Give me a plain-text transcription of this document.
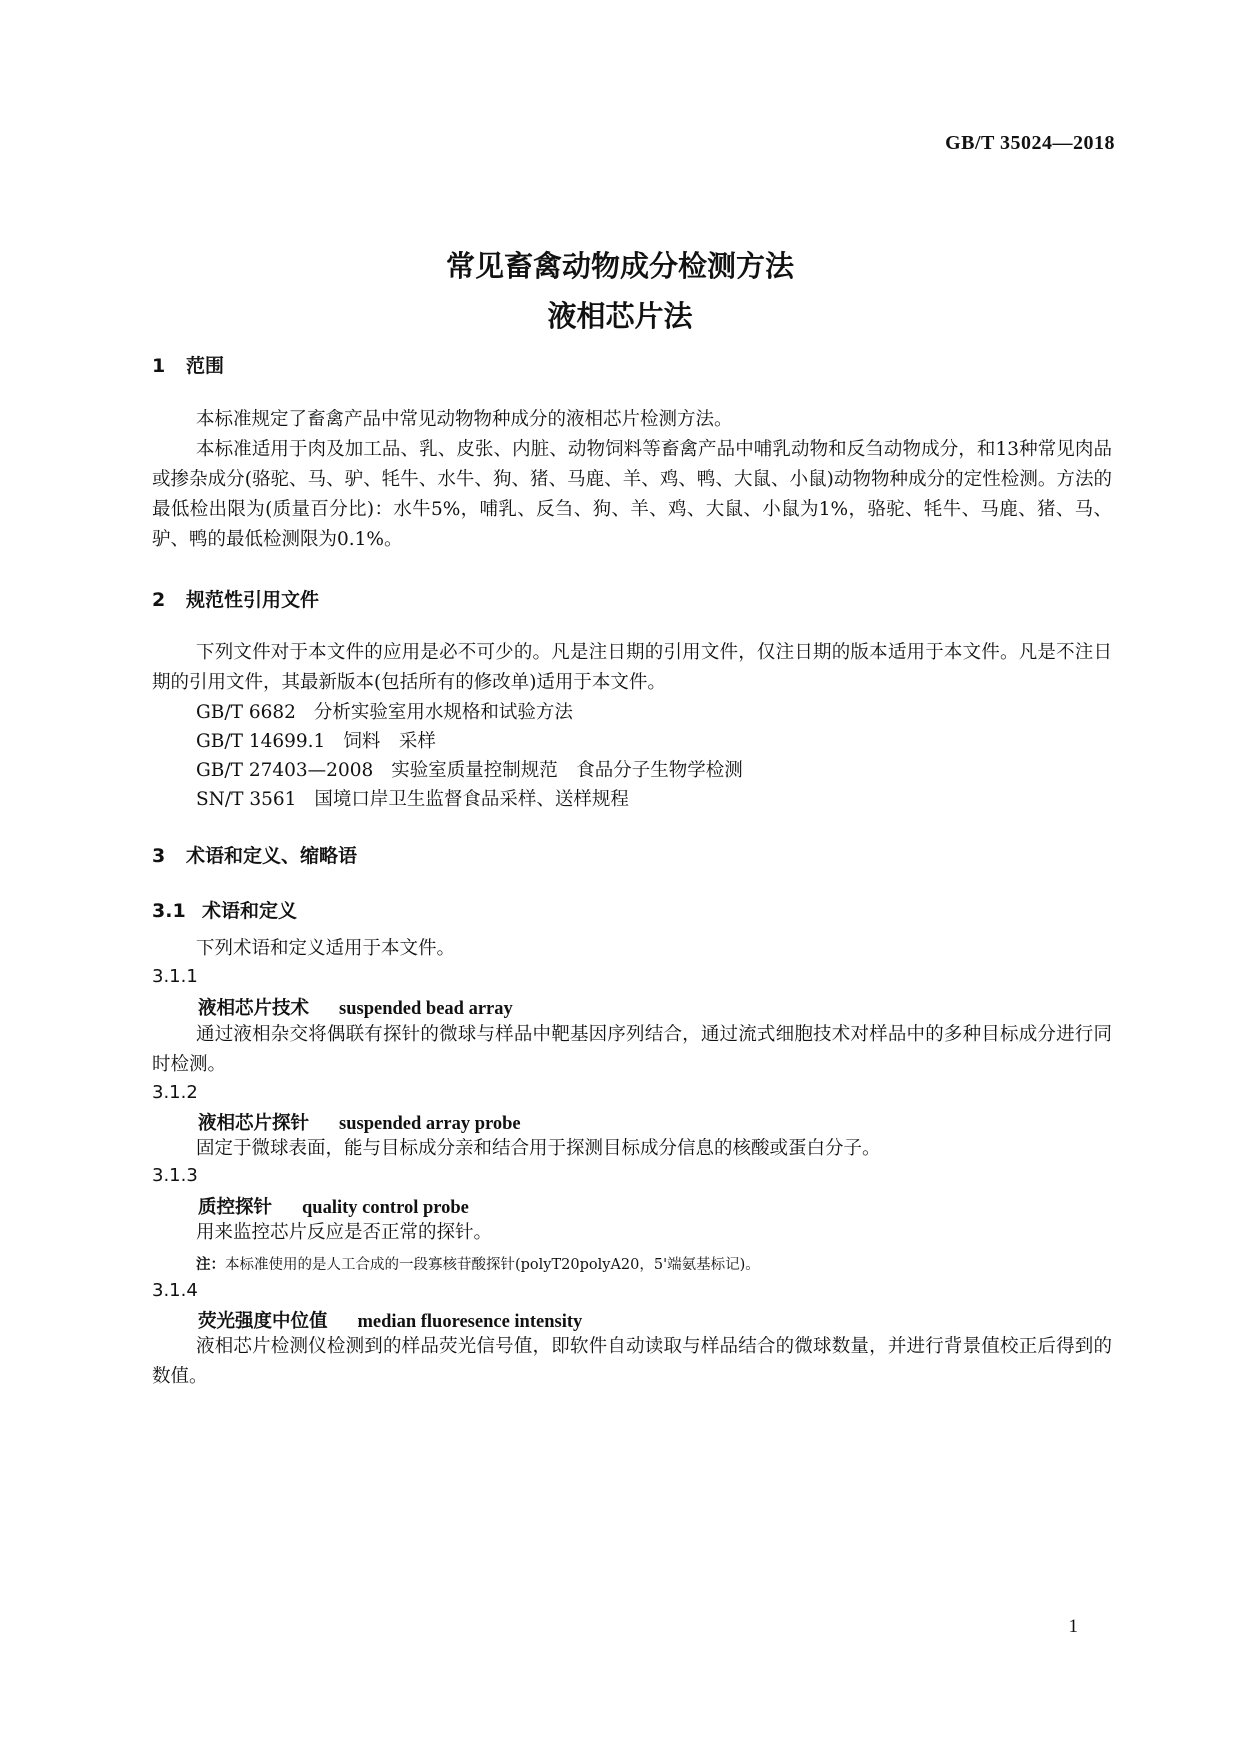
GB/T 35024—2018
常见畜禽动物成分检测方法
液相芯片法
1 范围
本标准规定了畜禽产品中常见动物物种成分的液相芯片检测方法。
本标准适用于肉及加工品、乳、皮张、内脏、动物饲料等畜禽产品中哺乳动物和反刍动物成分，和13种常见肉品或掺杂成分(骆驼、马、驴、牦牛、水牛、狗、猪、马鹿、羊、鸡、鸭、大鼠、小鼠)动物物种成分的定性检测。方法的最低检出限为(质量百分比)：水牛5%，哺乳、反刍、狗、羊、鸡、大鼠、小鼠为1%，骆驼、牦牛、马鹿、猪、马、驴、鸭的最低检测限为0.1%。
2 规范性引用文件
下列文件对于本文件的应用是必不可少的。凡是注日期的引用文件，仅注日期的版本适用于本文件。凡是不注日期的引用文件，其最新版本(包括所有的修改单)适用于本文件。
GB/T 6682 分析实验室用水规格和试验方法
GB/T 14699.1 饲料　采样
GB/T 27403—2008 实验室质量控制规范　食品分子生物学检测
SN/T 3561 国境口岸卫生监督食品采样、送样规程
3 术语和定义、缩略语
3.1 术语和定义
下列术语和定义适用于本文件。
3.1.1
液相芯片技术 suspended bead array
通过液相杂交将偶联有探针的微球与样品中靶基因序列结合，通过流式细胞技术对样品中的多种目标成分进行同时检测。
3.1.2
液相芯片探针 suspended array probe
固定于微球表面，能与目标成分亲和结合用于探测目标成分信息的核酸或蛋白分子。
3.1.3
质控探针 quality control probe
用来监控芯片反应是否正常的探针。
注：本标准使用的是人工合成的一段寡核苷酸探针(polyT20polyA20，5'端氨基标记)。
3.1.4
荧光强度中位值 median fluoresence intensity
液相芯片检测仪检测到的样品荧光信号值，即软件自动读取与样品结合的微球数量，并进行背景值校正后得到的数值。
1
